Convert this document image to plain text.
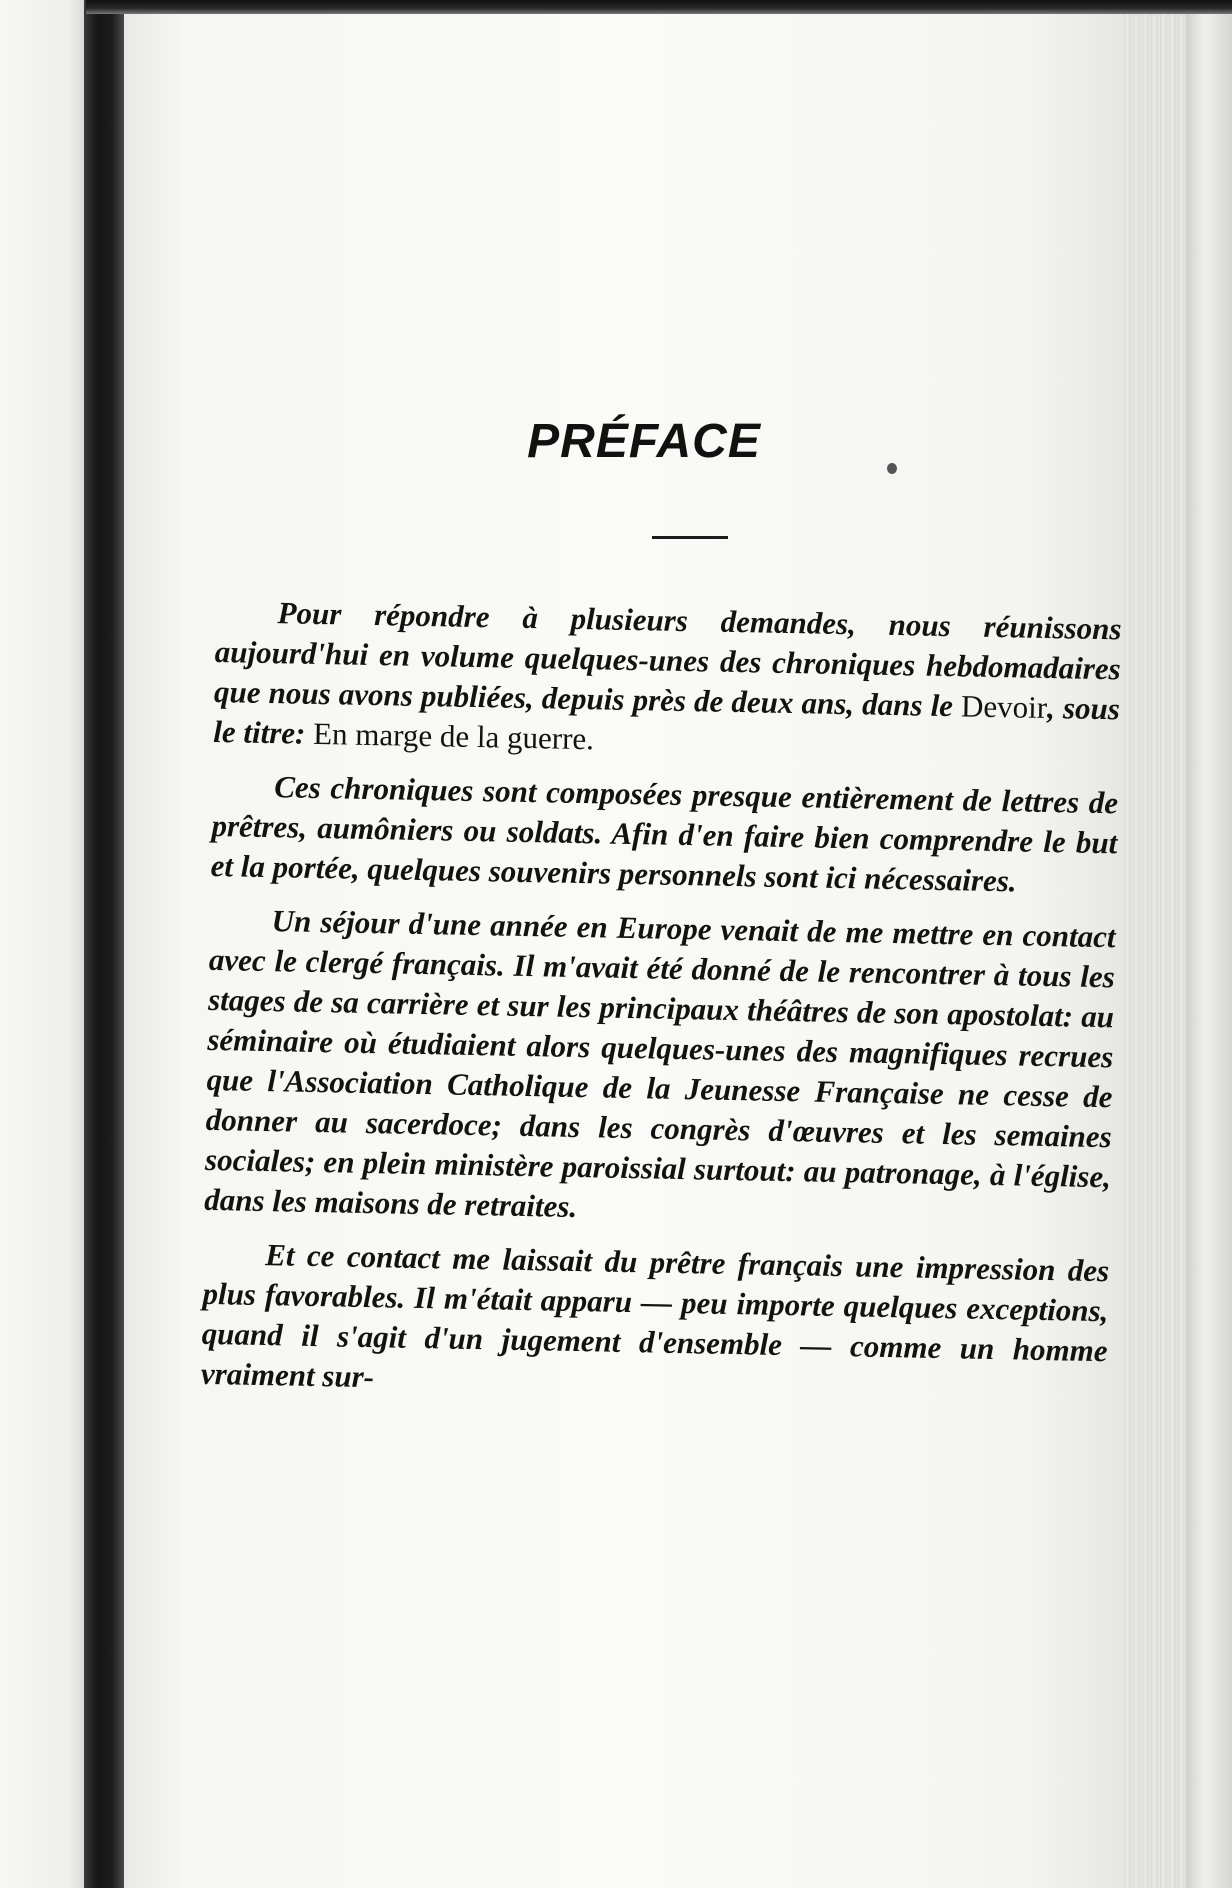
PRÉFACE

Pour répondre à plusieurs demandes, nous réunissons aujourd'hui en volume quelques-unes des chroniques hebdomadaires que nous avons publiées, depuis près de deux ans, dans le Devoir, sous le titre: En marge de la guerre.

Ces chroniques sont composées presque entièrement de lettres de prêtres, aumôniers ou soldats. Afin d'en faire bien comprendre le but et la portée, quelques souvenirs personnels sont ici nécessaires.

Un séjour d'une année en Europe venait de me mettre en contact avec le clergé français. Il m'avait été donné de le rencontrer à tous les stages de sa carrière et sur les principaux théâtres de son apostolat: au séminaire où étudiaient alors quelques-unes des magnifiques recrues que l'Association Catholique de la Jeunesse Française ne cesse de donner au sacerdoce; dans les congrès d'œuvres et les semaines sociales; en plein ministère paroissial surtout: au patronage, à l'église, dans les maisons de retraites.

Et ce contact me laissait du prêtre français une impression des plus favorables. Il m'était apparu — peu importe quelques exceptions, quand il s'agit d'un jugement d'ensemble — comme un homme vraiment sur-
